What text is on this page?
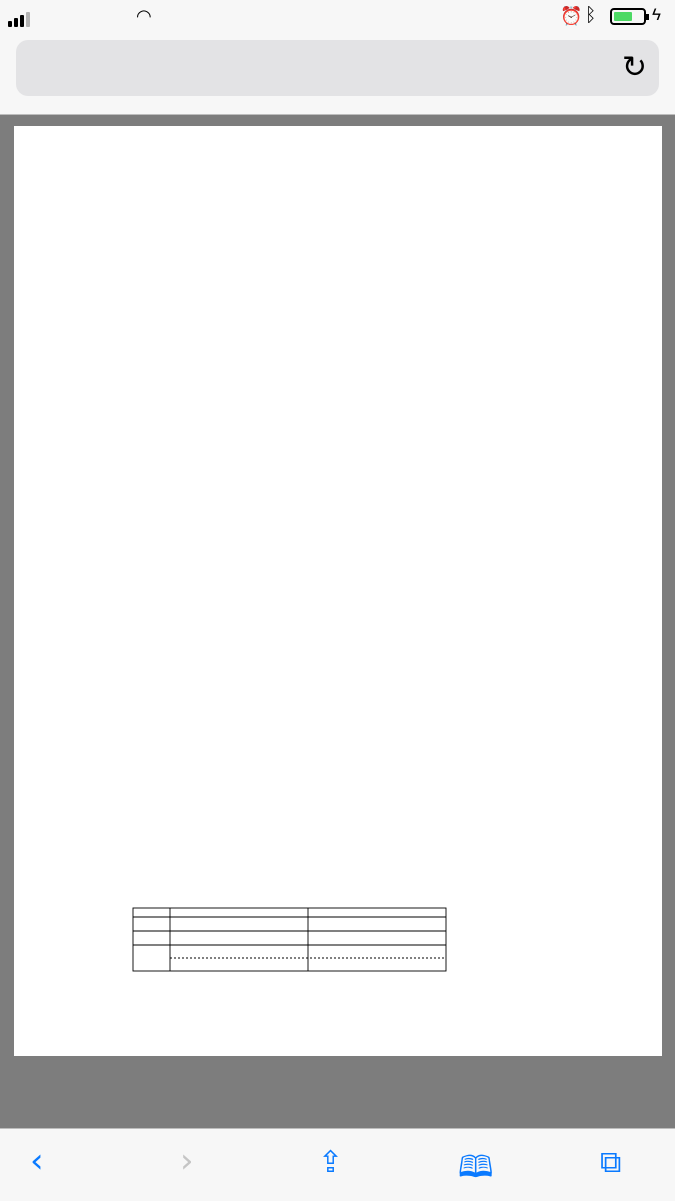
◠	⏰ ᛒ	ϟ
↻
‹	›	⇪	🕮	⧉
